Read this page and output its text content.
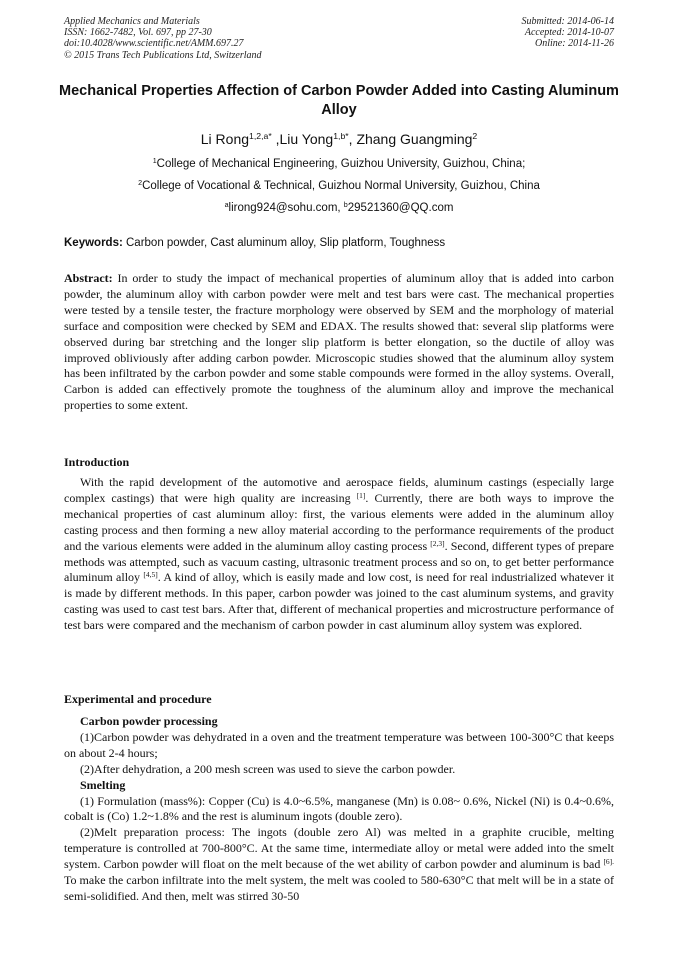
Applied Mechanics and Materials
ISSN: 1662-7482, Vol. 697, pp 27-30
doi:10.4028/www.scientific.net/AMM.697.27
© 2015 Trans Tech Publications Ltd, Switzerland
Submitted: 2014-06-14
Accepted: 2014-10-07
Online: 2014-11-26
Mechanical Properties Affection of Carbon Powder Added into Casting Aluminum Alloy
Li Rong$^{1,2,a*}$ ,Liu Yong$^{1,b*}$, Zhang Guangming$^2$
$^1$College of Mechanical Engineering, Guizhou University, Guizhou, China;
$^2$College of Vocational & Technical, Guizhou Normal University, Guizhou, China
$^a$lirong924@sohu.com, $^b$29521360@QQ.com
Keywords: Carbon powder, Cast aluminum alloy, Slip platform, Toughness
Abstract: In order to study the impact of mechanical properties of aluminum alloy that is added into carbon powder, the aluminum alloy with carbon powder were melt and test bars were cast. The mechanical properties were tested by a tensile tester, the fracture morphology were observed by SEM and the morphology of material surface and composition were checked by SEM and EDAX. The results showed that: several slip platforms were observed during bar stretching and the longer slip platform is better elongation, so the ductile of alloy was improved obliviously after adding carbon powder. Microscopic studies showed that the aluminum alloy system has been infiltrated by the carbon powder and some stable compounds were formed in the alloy systems. Overall, Carbon is added can effectively promote the toughness of the aluminum alloy and improve the mechanical properties to some extent.
Introduction

With the rapid development of the automotive and aerospace fields, aluminum castings (especially large complex castings) that were high quality are increasing [1]. Currently, there are both ways to improve the mechanical properties of cast aluminum alloy: first, the various elements were added in the aluminum alloy casting process and then forming a new alloy material according to the performance requirements of the product and the various elements were added in the aluminum alloy casting process [2,3]. Second, different types of prepare methods was attempted, such as vacuum casting, ultrasonic treatment process and so on, to get better performance aluminum alloy [4,5]. A kind of alloy, which is easily made and low cost, is need for real industrialized whatever it is made by different methods. In this paper, carbon powder was joined to the cast aluminum systems, and gravity casting was used to cast test bars. After that, different of mechanical properties and microstructure performance of test bars were compared and the mechanism of carbon powder in cast aluminum alloy system was explored.

Experimental and procedure
Carbon powder processing

(1)Carbon powder was dehydrated in a oven and the treatment temperature was between 100-300°C that keeps on about 2-4 hours;

(2)After dehydration, a 200 mesh screen was used to sieve the carbon powder.

Smelting

(1) Formulation (mass%): Copper (Cu) is 4.0~6.5%, manganese (Mn) is 0.08~ 0.6%, Nickel (Ni) is 0.4~0.6%, cobalt is (Co) 1.2~1.8% and the rest is aluminum ingots (double zero).

(2)Melt preparation process: The ingots (double zero Al) was melted in a graphite crucible, melting temperature is controlled at 700-800°C. At the same time, intermediate alloy or metal were added into the smelt system. Carbon powder will float on the melt because of the wet ability of carbon powder and aluminum is bad $^{[6].}$ To make the carbon infiltrate into the melt system, the melt was cooled to 580-630°C that melt will be in a state of semi-solidified. And then, melt was stirred 30-50
